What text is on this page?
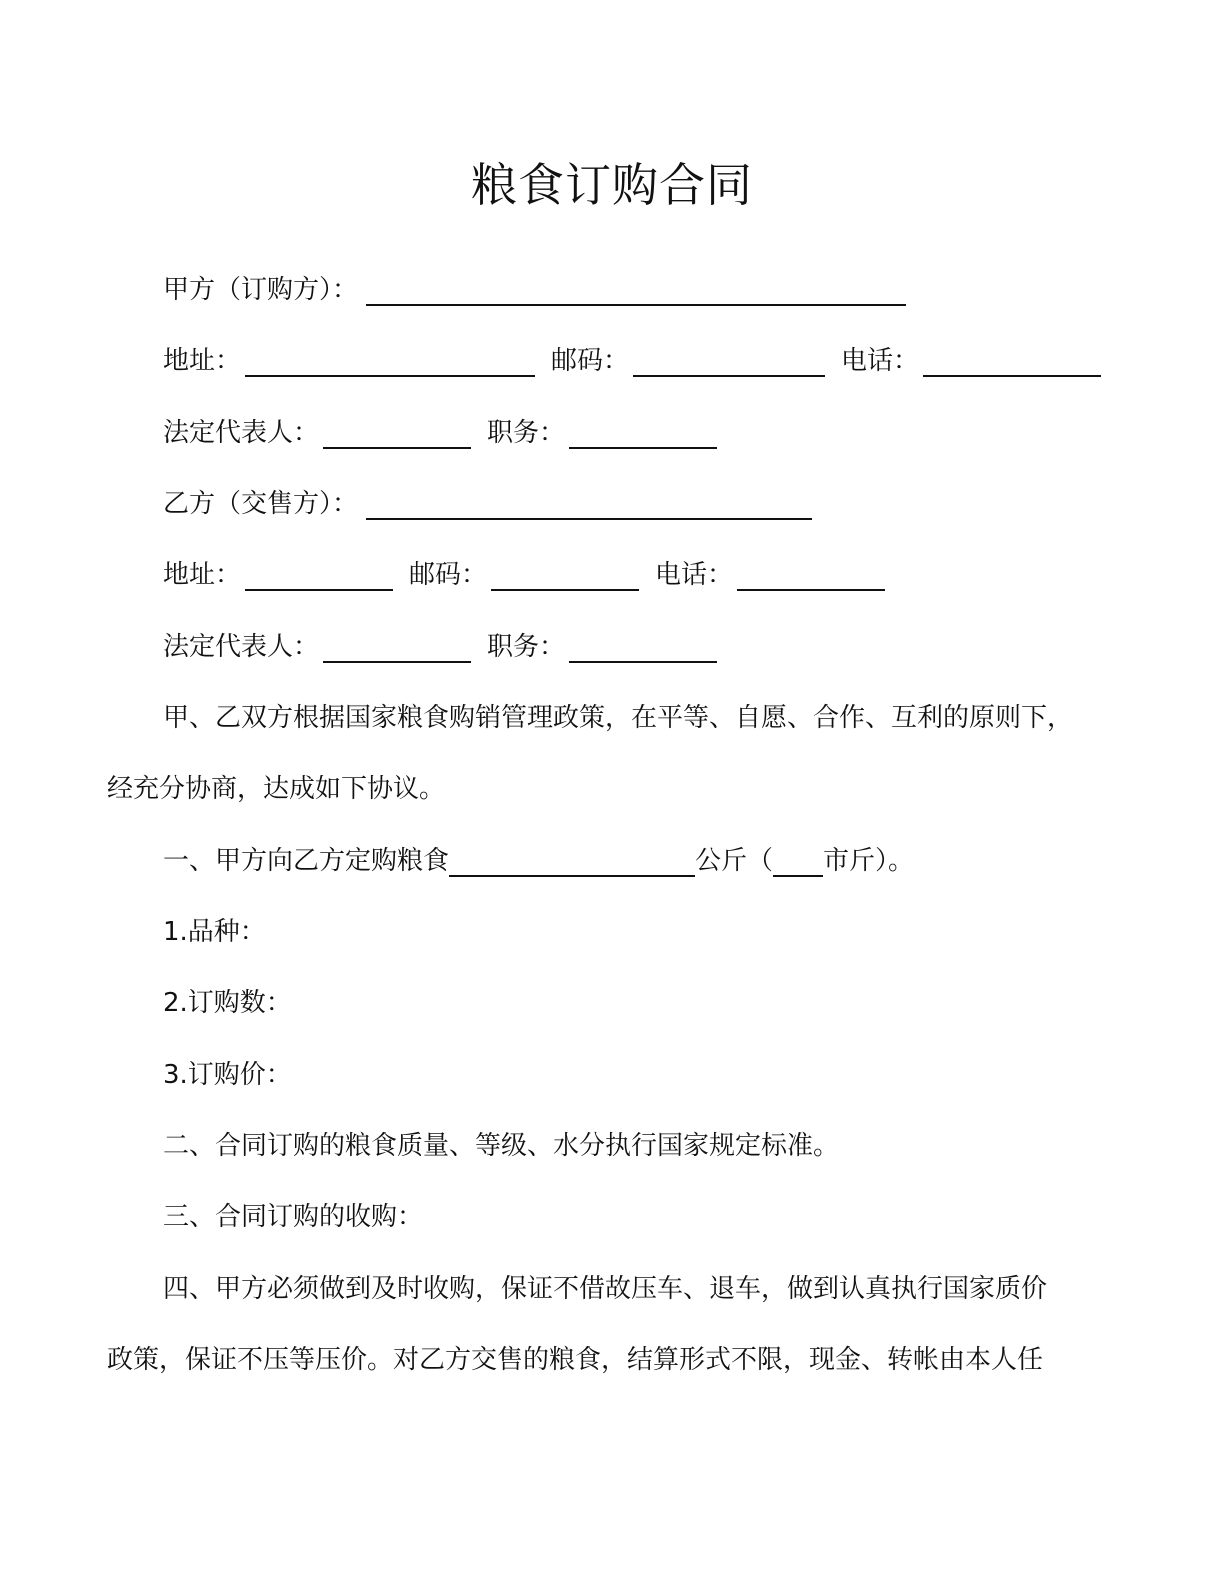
粮食订购合同
甲方（订购方）：
地址：	邮码：	电话：
法定代表人：	职务：
乙方（交售方）：
地址：	邮码：	电话：
法定代表人：	职务：
甲、乙双方根据国家粮食购销管理政策，在平等、自愿、合作、互利的原则下，
经充分协商，达成如下协议。
一、甲方向乙方定购粮食	公斤（ 市斤）。
1.品种：
2.订购数：
3.订购价：
二、合同订购的粮食质量、等级、水分执行国家规定标准。
三、合同订购的收购：
四、甲方必须做到及时收购，保证不借故压车、退车，做到认真执行国家质价
政策，保证不压等压价。对乙方交售的粮食，结算形式不限，现金、转帐由本人任
